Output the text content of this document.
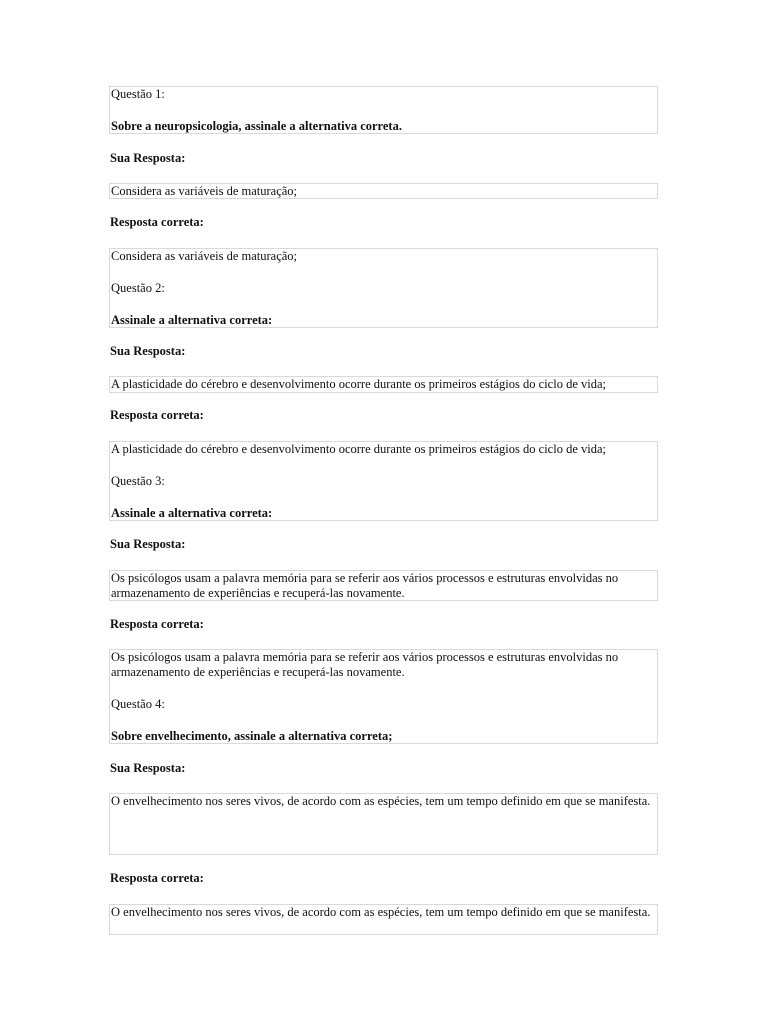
Questão 1:
Sobre a neuropsicologia, assinale a alternativa correta.
Sua Resposta:
Considera as variáveis de maturação;
Resposta correta:
Considera as variáveis de maturação;
Questão 2:
Assinale a alternativa correta:
Sua Resposta:
A plasticidade do cérebro e desenvolvimento ocorre durante os primeiros estágios do ciclo de vida;
Resposta correta:
A plasticidade do cérebro e desenvolvimento ocorre durante os primeiros estágios do ciclo de vida;
Questão 3:
Assinale a alternativa correta:
Sua Resposta:
Os psicólogos usam a palavra memória para se referir aos vários processos e estruturas envolvidas no armazenamento de experiências e recuperá-las novamente.
Resposta correta:
Os psicólogos usam a palavra memória para se referir aos vários processos e estruturas envolvidas no armazenamento de experiências e recuperá-las novamente.
Questão 4:
Sobre envelhecimento, assinale a alternativa correta;
Sua Resposta:
O envelhecimento nos seres vivos, de acordo com as espécies, tem um tempo definido em que se manifesta.
Resposta correta:
O envelhecimento nos seres vivos, de acordo com as espécies, tem um tempo definido em que se manifesta.
